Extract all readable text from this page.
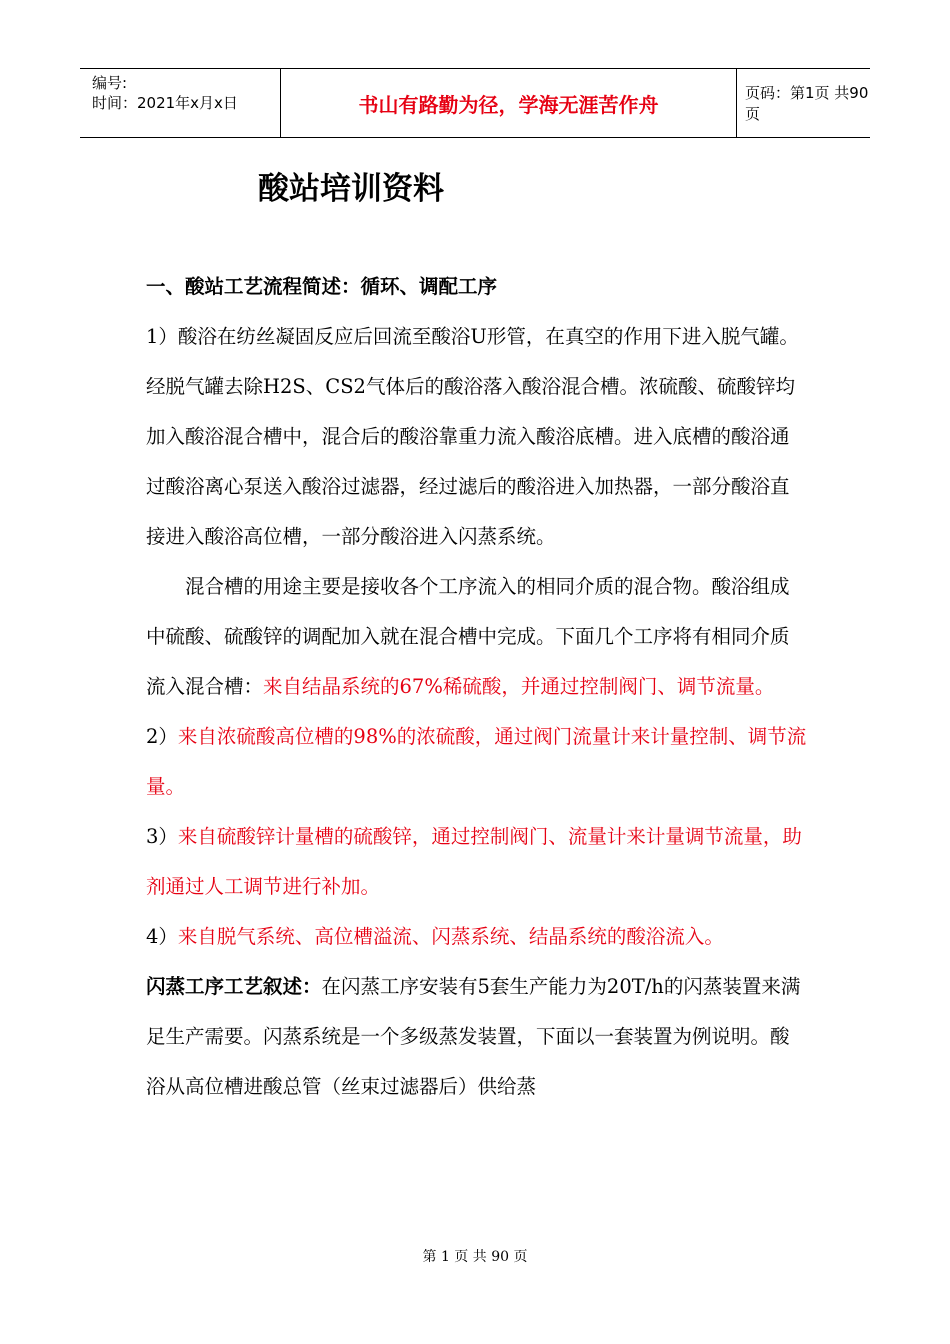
编号:
时间：2021年x月x日	书山有路勤为径，学海无涯苦作舟	页码：第1页 共90页
酸站培训资料

一、酸站工艺流程简述：循环、调配工序

1）酸浴在纺丝凝固反应后回流至酸浴U形管，在真空的作用下进入脱气罐。经脱气罐去除H2S、CS2气体后的酸浴落入酸浴混合槽。浓硫酸、硫酸锌均加入酸浴混合槽中，混合后的酸浴靠重力流入酸浴底槽。进入底槽的酸浴通过酸浴离心泵送入酸浴过滤器，经过滤后的酸浴进入加热器，一部分酸浴直接进入酸浴高位槽，一部分酸浴进入闪蒸系统。

混合槽的用途主要是接收各个工序流入的相同介质的混合物。酸浴组成中硫酸、硫酸锌的调配加入就在混合槽中完成。下面几个工序将有相同介质流入混合槽：来自结晶系统的67%稀硫酸，并通过控制阀门、调节流量。

2）来自浓硫酸高位槽的98%的浓硫酸，通过阀门流量计来计量控制、调节流量。

3）来自硫酸锌计量槽的硫酸锌，通过控制阀门、流量计来计量调节流量，助剂通过人工调节进行补加。

4）来自脱气系统、高位槽溢流、闪蒸系统、结晶系统的酸浴流入。

闪蒸工序工艺叙述：在闪蒸工序安装有5套生产能力为20T/h的闪蒸装置来满足生产需要。闪蒸系统是一个多级蒸发装置，下面以一套装置为例说明。酸浴从高位槽进酸总管（丝束过滤器后）供给蒸

第 1 页 共 90 页
